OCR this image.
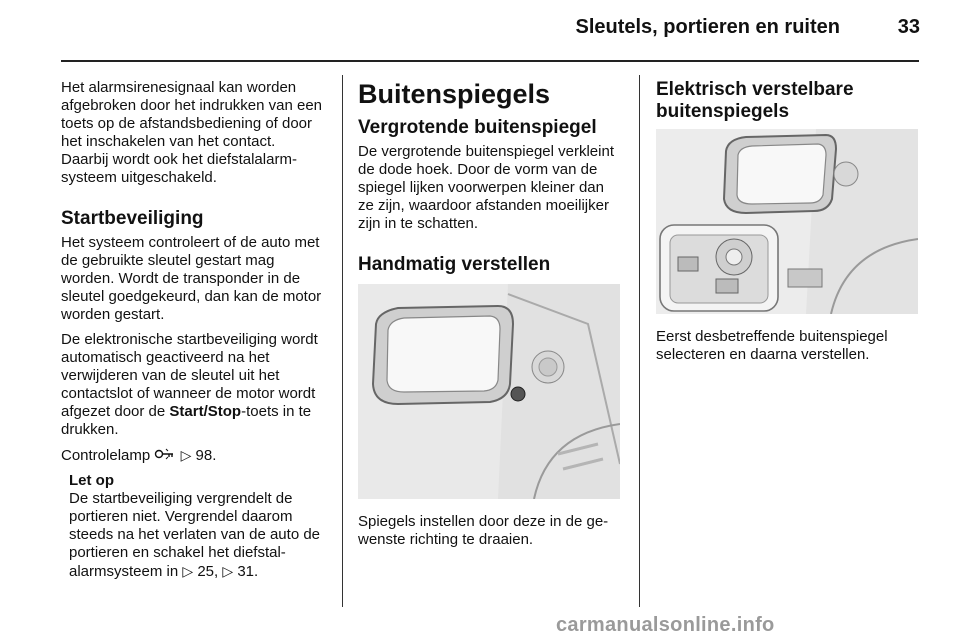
Sleutels, portieren en ruiten	33

Het alarmsirenesignaal kan worden afgebroken door het indrukken van een toets op de afstandsbediening of door het inschakelen van het contact. Daarbij wordt ook het diefstalalarmsysteem uitgeschakeld.

Startbeveiliging

Het systeem controleert of de auto met de gebruikte sleutel gestart mag worden. Wordt de transponder in de sleutel goedgekeurd, dan kan de motor worden gestart.

De elektronische startbeveiliging wordt automatisch geactiveerd na het verwijderen van de sleutel uit het contactslot of wanneer de motor wordt afgezet door de Start/Stop-toets in te drukken.

Controlelamp ▷ 98.

Let op
De startbeveiliging vergrendelt de portieren niet. Vergrendel daarom steeds na het verlaten van de auto de portieren en schakel het diefstalalarmsysteem in ▷ 25, ▷ 31.
Buitenspiegels
Vergrotende buitenspiegel

De vergrotende buitenspiegel verkleint de dode hoek. Door de vorm van de spiegel lijken voorwerpen kleiner dan ze zijn, waardoor afstanden moeilijker zijn in te schatten.

Handmatig verstellen

Spiegels instellen door deze in de gewenste richting te draaien.

Elektrisch verstelbare buitenspiegels

Eerst desbetreffende buitenspiegel selecteren en daarna verstellen.

carmanualsonline.info
